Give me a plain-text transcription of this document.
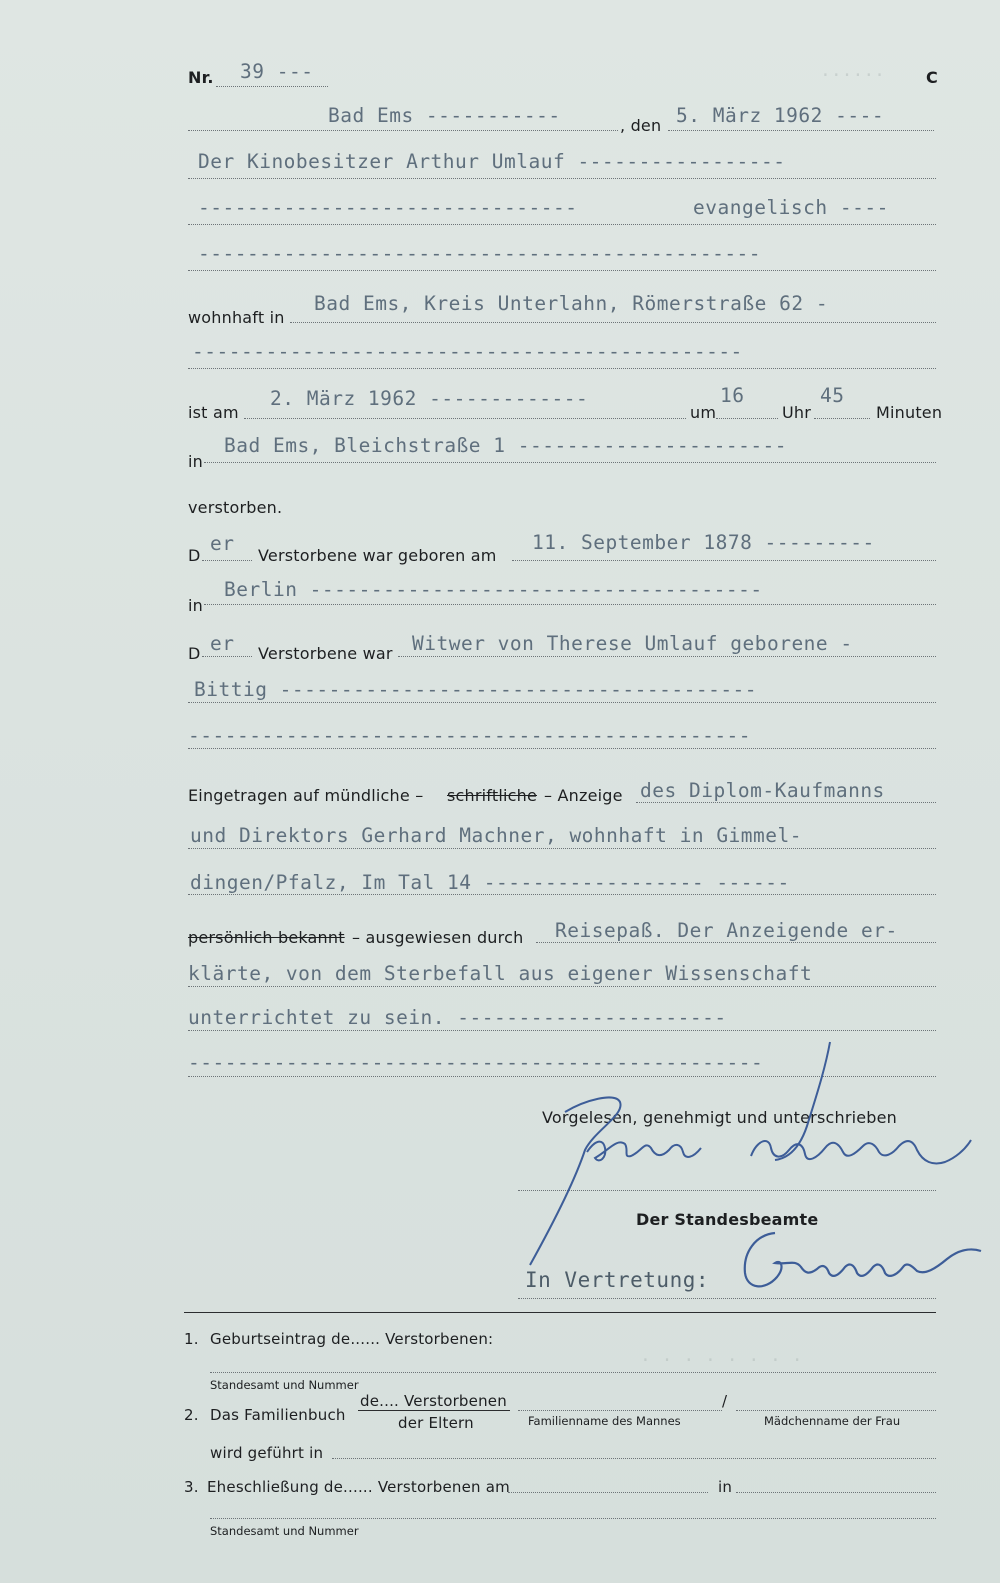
......
· · · · · · · ·
Nr. 39 ---	C
Bad Ems -----------	, den 5. März 1962 ----
Der Kinobesitzer Arthur Umlauf -----------------
-------------------------------	evangelisch ----
----------------------------------------------
wohnhaft in
Bad Ems, Kreis Unterlahn, Römerstraße 62 -
---------------------------------------------
ist am
2. März 1962 -------------
um
16
Uhr
45
Minuten
in
Bad Ems, Bleichstraße 1 ----------------------
verstorben.
D
er
Verstorbene war geboren am
11. September 1878 ---------
in
Berlin -------------------------------------
D er Verstorbene war Witwer von Therese Umlauf geborene -
Bittig ---------------------------------------
----------------------------------------------
Eingetragen auf mündliche – schriftliche – Anzeige des Diplom-Kaufmanns
und Direktors Gerhard Machner, wohnhaft in Gimmel-
dingen/Pfalz, Im Tal 14 ------------------ ------
persönlich bekannt – ausgewiesen durch Reisepaß. Der Anzeigende er-
klärte, von dem Sterbefall aus eigener Wissenschaft
unterrichtet zu sein. ----------------------
-----------------------------------------------
Vorgelesen, genehmigt und unterschrieben
Der Standesbeamte
In Vertretung:
1. Geburtseintrag de...... Verstorbenen:
Standesamt und Nummer
2. Das Familienbuch
de.... Verstorbenen
der Eltern
/
Familienname des Mannes	Mädchenname der Frau
wird geführt in
3. Eheschließung de...... Verstorbenen am	in
Standesamt und Nummer
